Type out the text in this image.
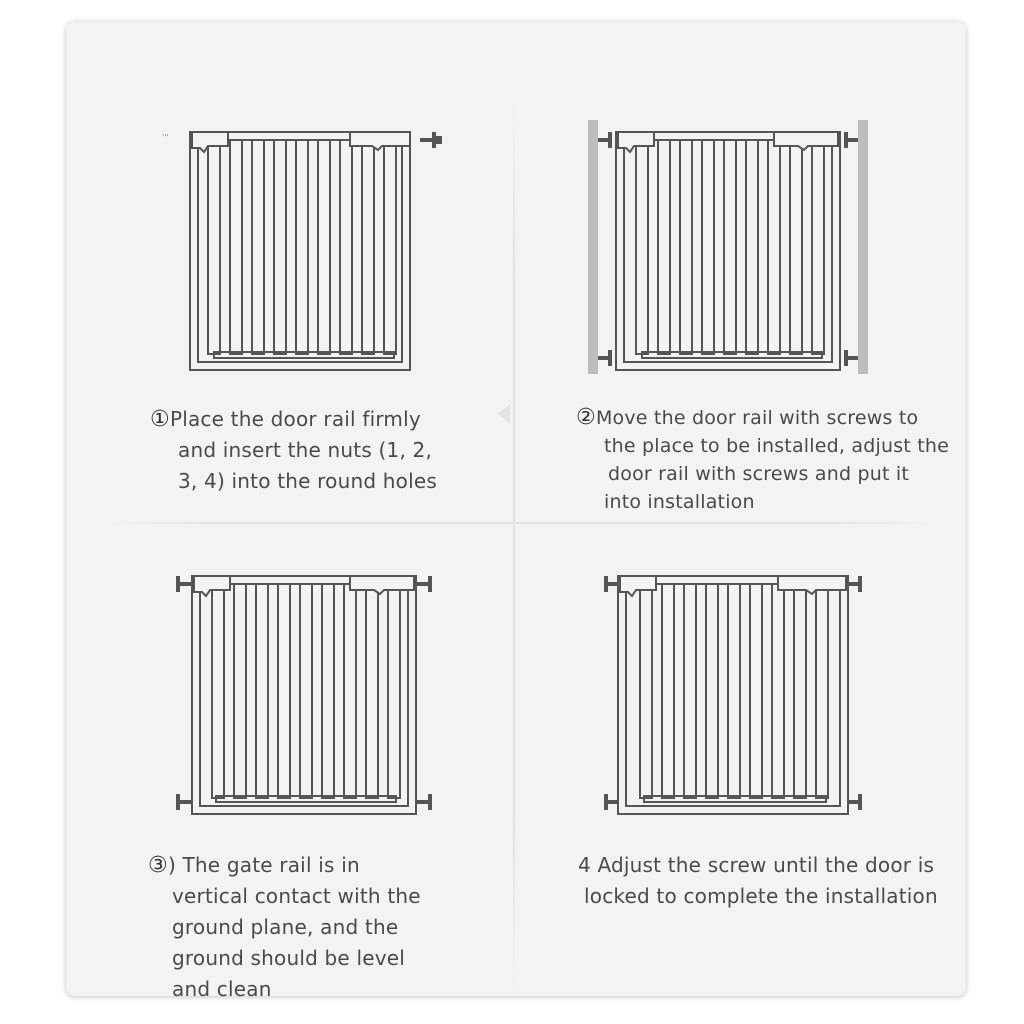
'''
①Place the door rail firmly
and insert the nuts (1, 2,
3, 4) into the round holes
②Move the door rail with screws to
the place to be installed, adjust the
door rail with screws and put it
into installation
③) The gate rail is in
vertical contact with the
ground plane, and the
ground should be level
and clean
4 Adjust the screw until the door is
locked to complete the installation
